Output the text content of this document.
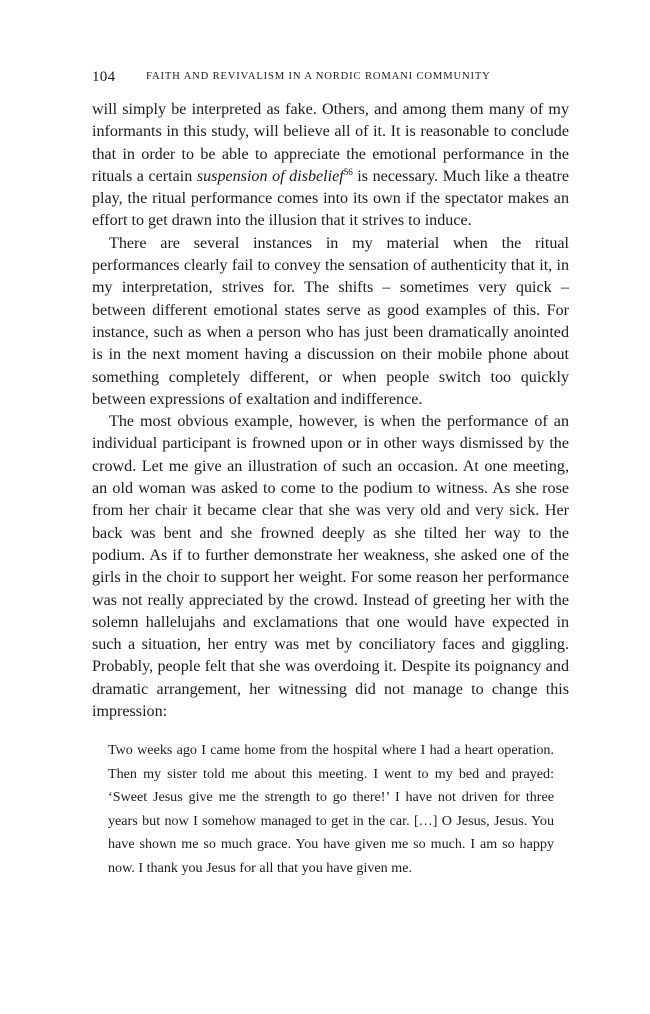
104	FAITH AND REVIVALISM IN A NORDIC ROMANI COMMUNITY

will simply be interpreted as fake. Others, and among them many of my informants in this study, will believe all of it. It is reasonable to conclude that in order to be able to appreciate the emotional performance in the rituals a certain suspension of disbelief$^{56}$ is necessary. Much like a theatre play, the ritual performance comes into its own if the spectator makes an effort to get drawn into the illusion that it strives to induce.

There are several instances in my material when the ritual performances clearly fail to convey the sensation of authenticity that it, in my interpretation, strives for. The shifts – sometimes very quick – between different emotional states serve as good examples of this. For instance, such as when a person who has just been dramatically anointed is in the next moment having a discussion on their mobile phone about something completely different, or when people switch too quickly between expressions of exaltation and indifference.

The most obvious example, however, is when the performance of an individual participant is frowned upon or in other ways dismissed by the crowd. Let me give an illustration of such an occasion. At one meeting, an old woman was asked to come to the podium to witness. As she rose from her chair it became clear that she was very old and very sick. Her back was bent and she frowned deeply as she tilted her way to the podium. As if to further demonstrate her weakness, she asked one of the girls in the choir to support her weight. For some reason her performance was not really appreciated by the crowd. Instead of greeting her with the solemn hallelujahs and exclamations that one would have expected in such a situation, her entry was met by conciliatory faces and giggling. Probably, people felt that she was overdoing it. Despite its poignancy and dramatic arrangement, her witnessing did not manage to change this impression:

Two weeks ago I came home from the hospital where I had a heart operation. Then my sister told me about this meeting. I went to my bed and prayed: ‘Sweet Jesus give me the strength to go there!’ I have not driven for three years but now I somehow managed to get in the car. […] O Jesus, Jesus. You have shown me so much grace. You have given me so much. I am so happy now. I thank you Jesus for all that you have given me.
